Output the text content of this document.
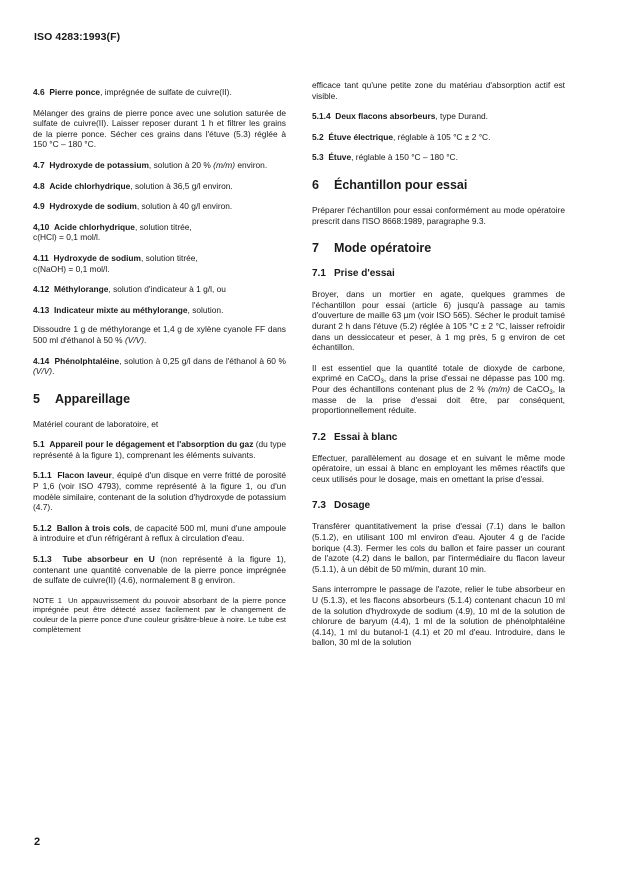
ISO 4283:1993(F)

4.6 Pierre ponce, imprégnée de sulfate de cuivre(II).

Mélanger des grains de pierre ponce avec une solution saturée de sulfate de cuivre(II). Laisser reposer durant 1 h et filtrer les grains de la pierre ponce. Sécher ces grains dans l'étuve (5.3) réglée à 150 °C – 180 °C.

4.7 Hydroxyde de potassium, solution à 20 % (m/m) environ.

4.8 Acide chlorhydrique, solution à 36,5 g/l environ.

4.9 Hydroxyde de sodium, solution à 40 g/l environ.

4,10 Acide chlorhydrique, solution titrée,
c(HCl) = 0,1 mol/l.

4.11 Hydroxyde de sodium, solution titrée,
c(NaOH) = 0,1 mol/l.

4.12 Méthylorange, solution d'indicateur à 1 g/l, ou

4.13 Indicateur mixte au méthylorange, solution.

Dissoudre 1 g de méthylorange et 1,4 g de xylène cyanole FF dans 500 ml d'éthanol à 50 % (V/V).

4.14 Phénolphtaléine, solution à 0,25 g/l dans de l'éthanol à 60 % (V/V).

5 Appareillage

Matériel courant de laboratoire, et

5.1 Appareil pour le dégagement et l'absorption du gaz (du type représenté à la figure 1), comprenant les éléments suivants.

5.1.1 Flacon laveur, équipé d'un disque en verre fritté de porosité P 1,6 (voir ISO 4793), comme représenté à la figure 1, ou d'un modèle similaire, contenant de la solution d'hydroxyde de potassium (4.7).

5.1.2 Ballon à trois cols, de capacité 500 ml, muni d'une ampoule à introduire et d'un réfrigérant à reflux à circulation d'eau.

5.1.3 Tube absorbeur en U (non représenté à la figure 1), contenant une quantité convenable de la pierre ponce imprégnée de sulfate de cuivre(II) (4.6), normalement 8 g environ.

NOTE 1 Un appauvrissement du pouvoir absorbant de la pierre ponce imprégnée peut être détecté assez facilement par le changement de couleur de la pierre ponce d'une couleur grisâtre-bleue à noire. Le tube est complètement

efficace tant qu'une petite zone du matériau d'absorption actif est visible.

5.1.4 Deux flacons absorbeurs, type Durand.

5.2 Étuve électrique, réglable à 105 °C ± 2 °C.

5.3 Étuve, réglable à 150 °C – 180 °C.

6 Échantillon pour essai

Préparer l'échantillon pour essai conformément au mode opératoire prescrit dans l'ISO 8668:1989, paragraphe 9.3.

7 Mode opératoire
7.1 Prise d'essai

Broyer, dans un mortier en agate, quelques grammes de l'échantillon pour essai (article 6) jusqu'à passage au tamis d'ouverture de maille 63 µm (voir ISO 565). Sécher le produit tamisé durant 2 h dans l'étuve (5.2) réglée à 105 °C ± 2 °C, laisser refroidir dans un dessiccateur et peser, à 1 mg près, 5 g environ de cet échantillon.

Il est essentiel que la quantité totale de dioxyde de carbone, exprimé en CaCO$_3$, dans la prise d'essai ne dépasse pas 100 mg. Pour des échantillons contenant plus de 2 % (m/m) de CaCO$_3$, la masse de la prise d'essai doit être, par conséquent, proportionnellement réduite.

7.2 Essai à blanc

Effectuer, parallèlement au dosage et en suivant le même mode opératoire, un essai à blanc en employant les mêmes réactifs que ceux utilisés pour le dosage, mais en omettant la prise d'essai.

7.3 Dosage

Transférer quantitativement la prise d'essai (7.1) dans le ballon (5.1.2), en utilisant 100 ml environ d'eau. Ajouter 4 g de l'acide borique (4.3). Fermer les cols du ballon et faire passer un courant de l'azote (4.2) dans le ballon, par l'intermédiaire du flacon laveur (5.1.1), à un débit de 50 ml/min, durant 10 min.

Sans interrompre le passage de l'azote, relier le tube absorbeur en U (5.1.3), et les flacons absorbeurs (5.1.4) contenant chacun 10 ml de la solution d'hydroxyde de sodium (4.9), 10 ml de la solution de chlorure de baryum (4.4), 1 ml de la solution de phénolphtaléine (4.14), 1 ml du butanol-1 (4.1) et 20 ml d'eau. Introduire, dans le ballon, 30 ml de la solution

2
